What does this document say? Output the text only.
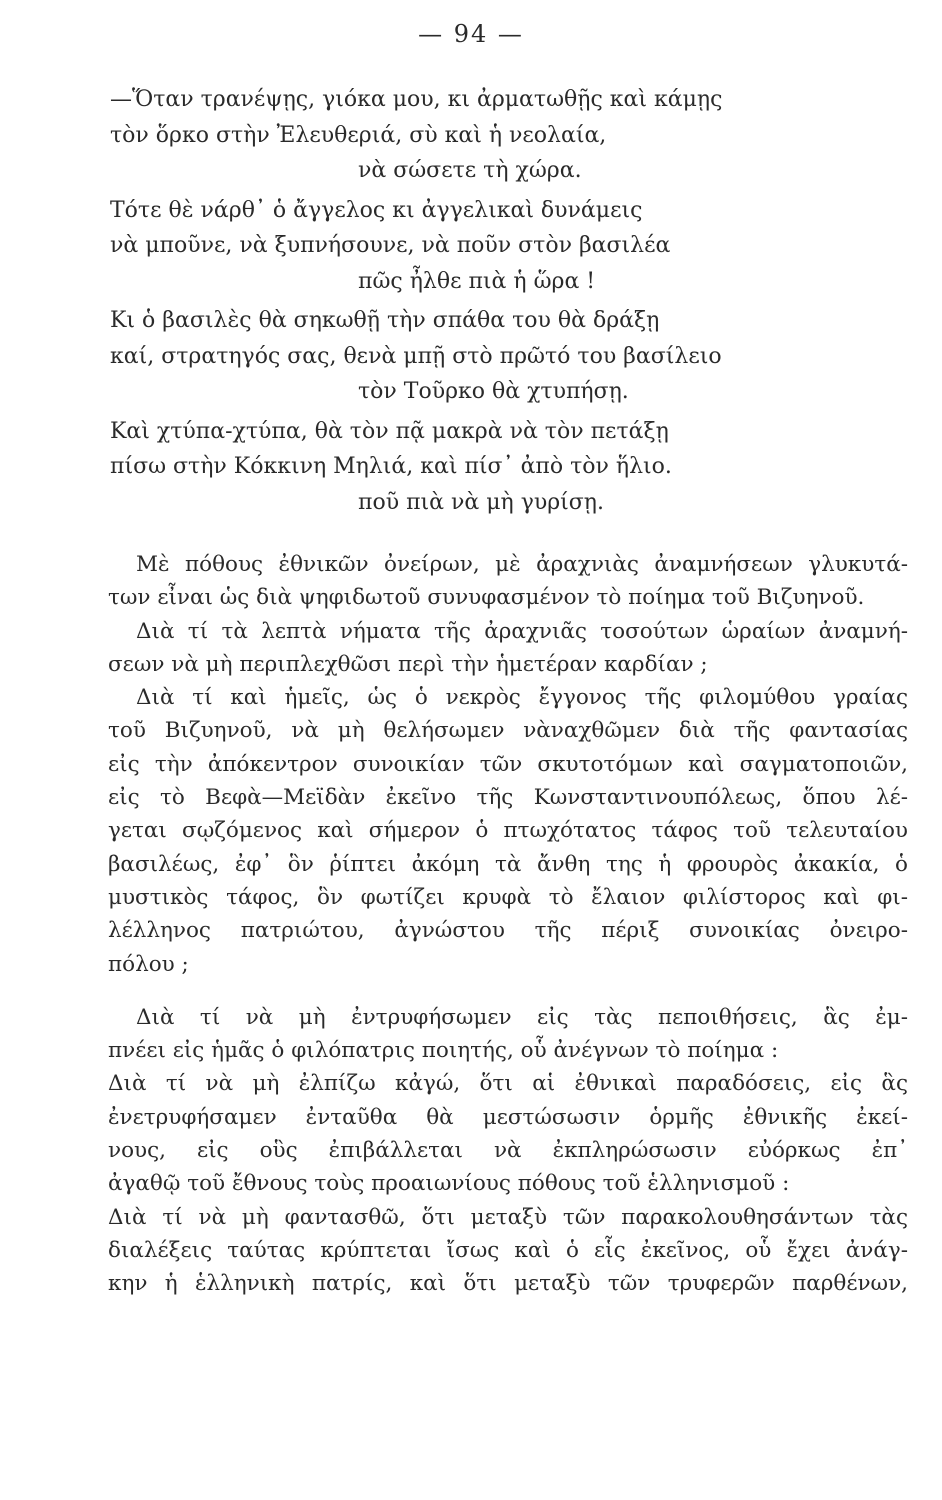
— 94 —
—Ὅταν τρανέψῃς, γιόκα μου, κι ἀρματωθῇς καὶ κάμῃς
τὸν ὅρκο στὴν Ἐλευθεριά, σὺ καὶ ἡ νεολαία,
νὰ σώσετε τὴ χώρα.
Τότε θὲ νάρθ᾽ ὁ ἄγγελος κι ἀγγελικαὶ δυνάμεις
νὰ μποῦνε, νὰ ξυπνήσουνε, νὰ ποῦν στὸν βασιλέα
πῶς ἦλθε πιὰ ἡ ὥρα !
Κι ὁ βασιλὲς θὰ σηκωθῇ τὴν σπάθα του θὰ δράξῃ
καί, στρατηγός σας, θενὰ μπῇ στὸ πρῶτό του βασίλειο
τὸν Τοῦρκο θὰ χτυπήσῃ.
Καὶ χτύπα-χτύπα, θὰ τὸν πᾷ μακρὰ νὰ τὸν πετάξῃ
πίσω στὴν Κόκκινη Μηλιά, καὶ πίσ᾽ ἀπὸ τὸν ἥλιο.
ποῦ πιὰ νὰ μὴ γυρίσῃ.
Μὲ πόθους ἐθνικῶν ὀνείρων, μὲ ἀραχνιὰς ἀναμνήσεων γλυκυτά-
των εἶναι ὡς διὰ ψηφιδωτοῦ συνυφασμένον τὸ ποίημα τοῦ Βιζυηνοῦ.
Διὰ τί τὰ λεπτὰ νήματα τῆς ἀραχνιᾶς τοσούτων ὡραίων ἀναμνή-
σεων νὰ μὴ περιπλεχθῶσι περὶ τὴν ἡμετέραν καρδίαν ;
Διὰ τί καὶ ἡμεῖς, ὡς ὁ νεκρὸς ἔγγονος τῆς φιλομύθου γραίας
τοῦ Βιζυηνοῦ, νὰ μὴ θελήσωμεν νὰναχθῶμεν διὰ τῆς φαντασίας
εἰς τὴν ἀπόκεντρον συνοικίαν τῶν σκυτοτόμων καὶ σαγματοποιῶν,
εἰς τὸ Βεφὰ—Μεϊδὰν ἐκεῖνο τῆς Κωνσταντινουπόλεως, ὅπου λέ-
γεται σῳζόμενος καὶ σήμερον ὁ πτωχότατος τάφος τοῦ τελευταίου
βασιλέως, ἐφ᾽ ὃν ῥίπτει ἀκόμη τὰ ἄνθη της ἡ φρουρὸς ἀκακία, ὁ
μυστικὸς τάφος, ὃν φωτίζει κρυφὰ τὸ ἔλαιον φιλίστορος καὶ φι-
λέλληνος πατριώτου, ἀγνώστου τῆς πέριξ συνοικίας ὀνειρο-
πόλου ;
Διὰ τί νὰ μὴ ἐντρυφήσωμεν εἰς τὰς πεποιθήσεις, ἃς ἐμ-
πνέει εἰς ἡμᾶς ὁ φιλόπατρις ποιητής, οὗ ἀνέγνων τὸ ποίημα :
Διὰ τί νὰ μὴ ἐλπίζω κἀγώ, ὅτι αἱ ἐθνικαὶ παραδόσεις, εἰς ἃς
ἐνετρυφήσαμεν ἐνταῦθα θὰ μεστώσωσιν ὁρμῆς ἐθνικῆς ἐκεί-
νους, εἰς οὓς ἐπιβάλλεται νὰ ἐκπληρώσωσιν εὐόρκως ἐπ᾽
ἀγαθῷ τοῦ ἔθνους τοὺς προαιωνίους πόθους τοῦ ἑλληνισμοῦ :
Διὰ τί νὰ μὴ φαντασθῶ, ὅτι μεταξὺ τῶν παρακολουθησάντων τὰς
διαλέξεις ταύτας κρύπτεται ἴσως καὶ ὁ εἷς ἐκεῖνος, οὗ ἔχει ἀνάγ-
κην ἡ ἑλληνικὴ πατρίς, καὶ ὅτι μεταξὺ τῶν τρυφερῶν παρθένων,
